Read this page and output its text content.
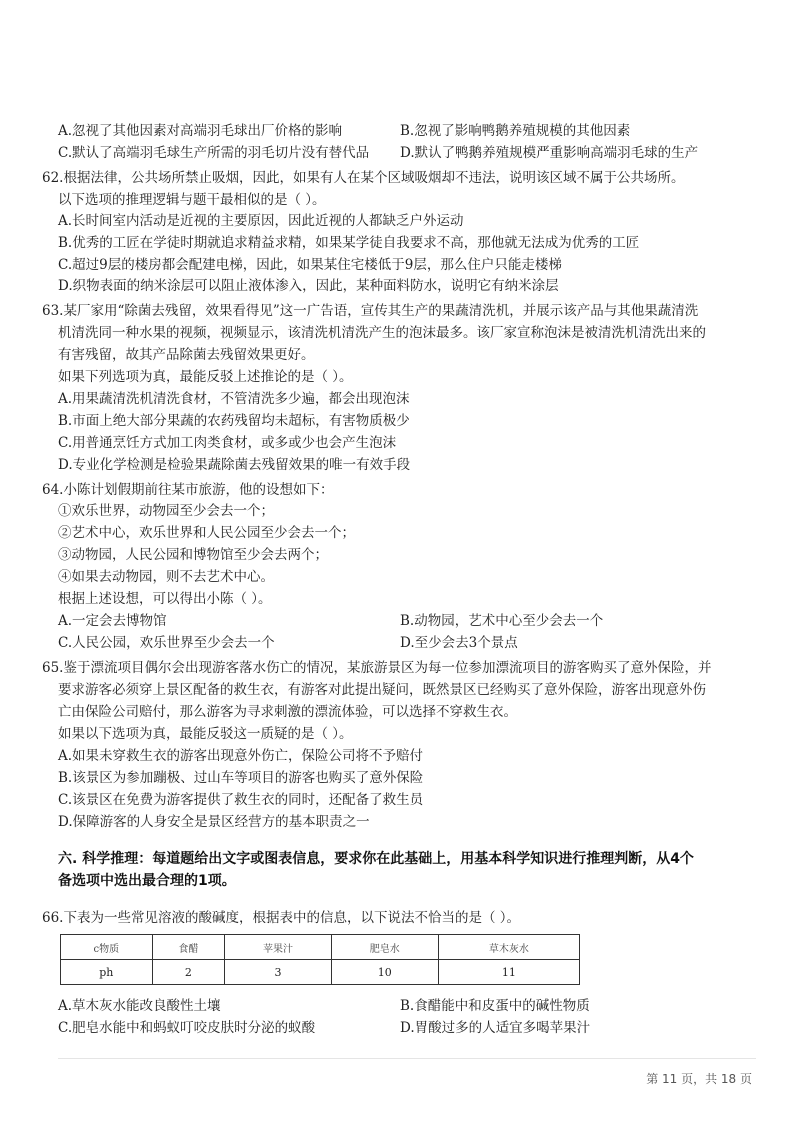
A.忽视了其他因素对高端羽毛球出厂价格的影响	B.忽视了影响鸭鹅养殖规模的其他因素
C.默认了高端羽毛球生产所需的羽毛切片没有替代品 D.默认了鸭鹅养殖规模严重影响高端羽毛球的生产
62.根据法律，公共场所禁止吸烟，因此，如果有人在某个区域吸烟却不违法，说明该区域不属于公共场所。
以下选项的推理逻辑与题干最相似的是（ ）。
A.长时间室内活动是近视的主要原因，因此近视的人都缺乏户外运动
B.优秀的工匠在学徒时期就追求精益求精，如果某学徒自我要求不高，那他就无法成为优秀的工匠
C.超过9层的楼房都会配建电梯，因此，如果某住宅楼低于9层，那么住户只能走楼梯
D.织物表面的纳米涂层可以阻止液体渗入，因此，某种面料防水，说明它有纳米涂层
63.某厂家用“除菌去残留，效果看得见”这一广告语，宣传其生产的果蔬清洗机，并展示该产品与其他果蔬清洗
机清洗同一种水果的视频，视频显示，该清洗机清洗产生的泡沫最多。该厂家宣称泡沫是被清洗机清洗出来的
有害残留，故其产品除菌去残留效果更好。
如果下列选项为真，最能反驳上述推论的是（ ）。
A.用果蔬清洗机清洗食材，不管清洗多少遍，都会出现泡沫
B.市面上绝大部分果蔬的农药残留均未超标，有害物质极少
C.用普通烹饪方式加工肉类食材，或多或少也会产生泡沫
D.专业化学检测是检验果蔬除菌去残留效果的唯一有效手段
64.小陈计划假期前往某市旅游，他的设想如下：
①欢乐世界，动物园至少会去一个；
②艺术中心，欢乐世界和人民公园至少会去一个；
③动物园，人民公园和博物馆至少会去两个；
④如果去动物园，则不去艺术中心。
根据上述设想，可以得出小陈（ ）。
A.一定会去博物馆	B.动物园，艺术中心至少会去一个
C.人民公园，欢乐世界至少会去一个	D.至少会去3个景点
65.鉴于漂流项目偶尔会出现游客落水伤亡的情况，某旅游景区为每一位参加漂流项目的游客购买了意外保险，并
要求游客必须穿上景区配备的救生衣，有游客对此提出疑问，既然景区已经购买了意外保险，游客出现意外伤
亡由保险公司赔付，那么游客为寻求刺激的漂流体验，可以选择不穿救生衣。
如果以下选项为真，最能反驳这一质疑的是（ ）。
A.如果未穿救生衣的游客出现意外伤亡，保险公司将不予赔付
B.该景区为参加蹦极、过山车等项目的游客也购买了意外保险
C.该景区在免费为游客提供了救生衣的同时，还配备了救生员
D.保障游客的人身安全是景区经营方的基本职责之一
六. 科学推理：每道题给出文字或图表信息，要求你在此基础上，用基本科学知识进行推理判断，从4个
备选项中选出最合理的1项。
66.下表为一些常见溶液的酸碱度，根据表中的信息，以下说法不恰当的是（ ）。
c物质	食醋	苹果汁	肥皂水	草木灰水
ph	2	3	10	11
A.草木灰水能改良酸性土壤	B.食醋能中和皮蛋中的碱性物质
C.肥皂水能中和蚂蚁叮咬皮肤时分泌的蚁酸	D.胃酸过多的人适宜多喝苹果汁
第 11 页，共 18 页
